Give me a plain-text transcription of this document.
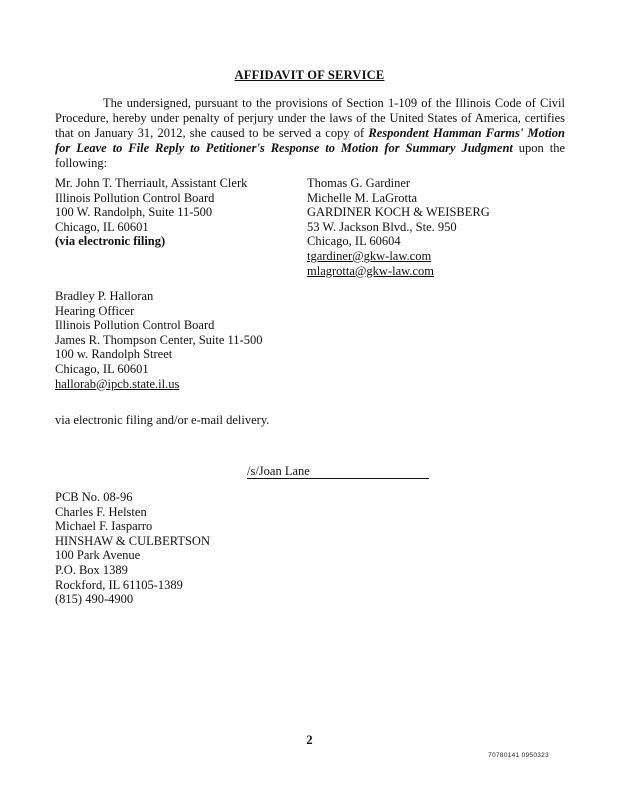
AFFIDAVIT OF SERVICE
The undersigned, pursuant to the provisions of Section 1-109 of the Illinois Code of Civil Procedure, hereby under penalty of perjury under the laws of the United States of America, certifies that on January 31, 2012, she caused to be served a copy of Respondent Hamman Farms' Motion for Leave to File Reply to Petitioner's Response to Motion for Summary Judgment upon the following:
Mr. John T. Therriault, Assistant Clerk
Illinois Pollution Control Board
100 W. Randolph, Suite 11-500
Chicago, IL 60601
(via electronic filing)
Thomas G. Gardiner
Michelle M. LaGrotta
GARDINER KOCH & WEISBERG
53 W. Jackson Blvd., Ste. 950
Chicago, IL 60604
tgardiner@gkw-law.com
mlagrotta@gkw-law.com
Bradley P. Halloran
Hearing Officer
Illinois Pollution Control Board
James R. Thompson Center, Suite 11-500
100 w. Randolph Street
Chicago, IL 60601
hallorab@ipcb.state.il.us
via electronic filing and/or e-mail delivery.
/s/Joan Lane
PCB No. 08-96
Charles F. Helsten
Michael F. Iasparro
HINSHAW & CULBERTSON
100 Park Avenue
P.O. Box 1389
Rockford, IL 61105-1389
(815) 490-4900
2
70780141 0950323
